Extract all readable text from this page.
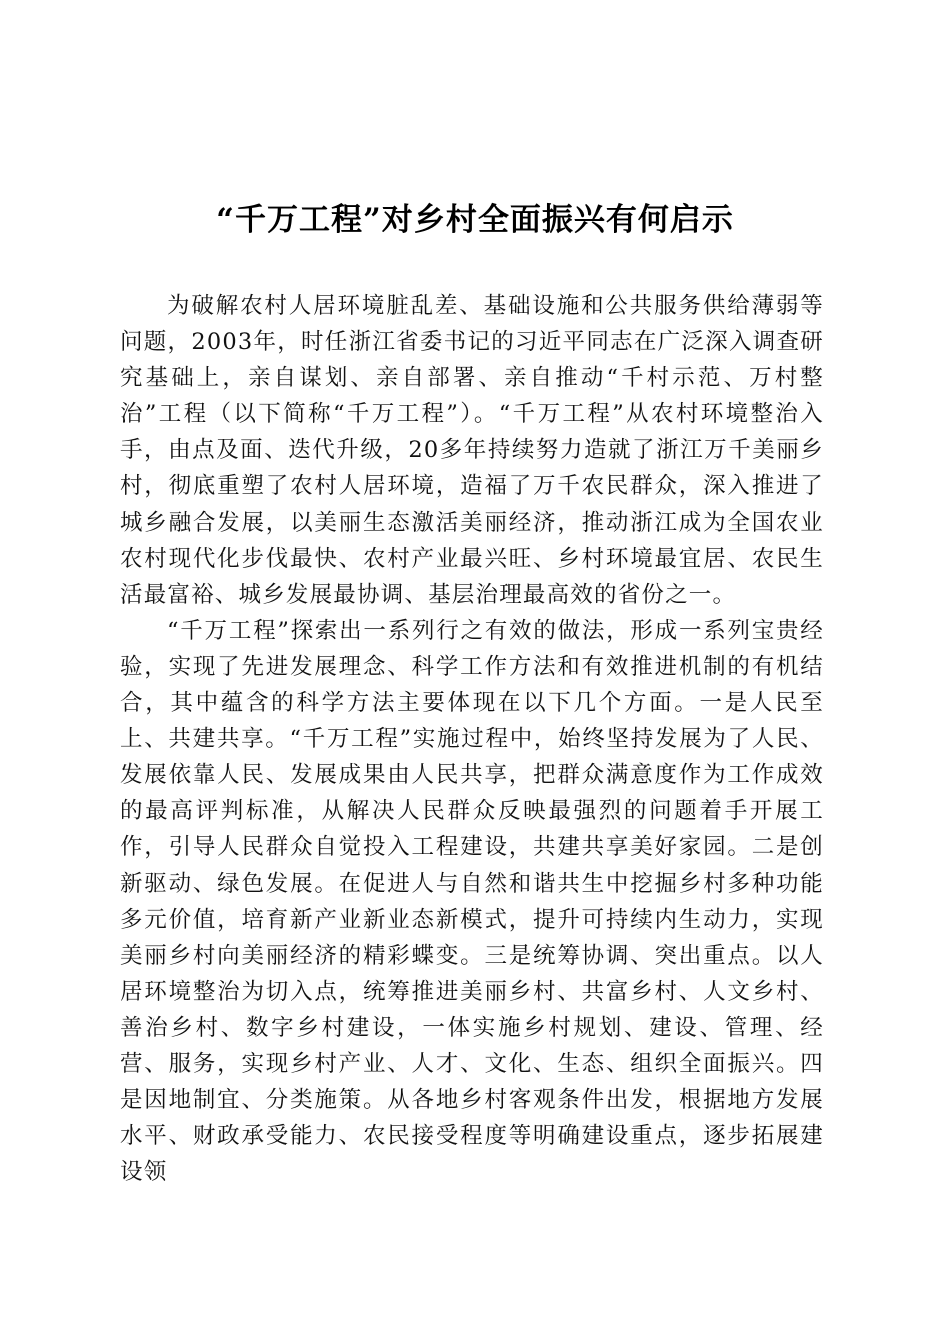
“千万工程”对乡村全面振兴有何启示

为破解农村人居环境脏乱差、基础设施和公共服务供给薄弱等问题，2003年，时任浙江省委书记的习近平同志在广泛深入调查研究基础上，亲自谋划、亲自部署、亲自推动“千村示范、万村整治”工程（以下简称“千万工程”）。“千万工程”从农村环境整治入手，由点及面、迭代升级，20多年持续努力造就了浙江万千美丽乡村，彻底重塑了农村人居环境，造福了万千农民群众，深入推进了城乡融合发展，以美丽生态激活美丽经济，推动浙江成为全国农业农村现代化步伐最快、农村产业最兴旺、乡村环境最宜居、农民生活最富裕、城乡发展最协调、基层治理最高效的省份之一。

“千万工程”探索出一系列行之有效的做法，形成一系列宝贵经验，实现了先进发展理念、科学工作方法和有效推进机制的有机结合，其中蕴含的科学方法主要体现在以下几个方面。一是人民至上、共建共享。“千万工程”实施过程中，始终坚持发展为了人民、发展依靠人民、发展成果由人民共享，把群众满意度作为工作成效的最高评判标准，从解决人民群众反映最强烈的问题着手开展工作，引导人民群众自觉投入工程建设，共建共享美好家园。二是创新驱动、绿色发展。在促进人与自然和谐共生中挖掘乡村多种功能多元价值，培育新产业新业态新模式，提升可持续内生动力，实现美丽乡村向美丽经济的精彩蝶变。三是统筹协调、突出重点。以人居环境整治为切入点，统筹推进美丽乡村、共富乡村、人文乡村、善治乡村、数字乡村建设，一体实施乡村规划、建设、管理、经营、服务，实现乡村产业、人才、文化、生态、组织全面振兴。四是因地制宜、分类施策。从各地乡村客观条件出发，根据地方发展水平、财政承受能力、农民接受程度等明确建设重点，逐步拓展建设领
